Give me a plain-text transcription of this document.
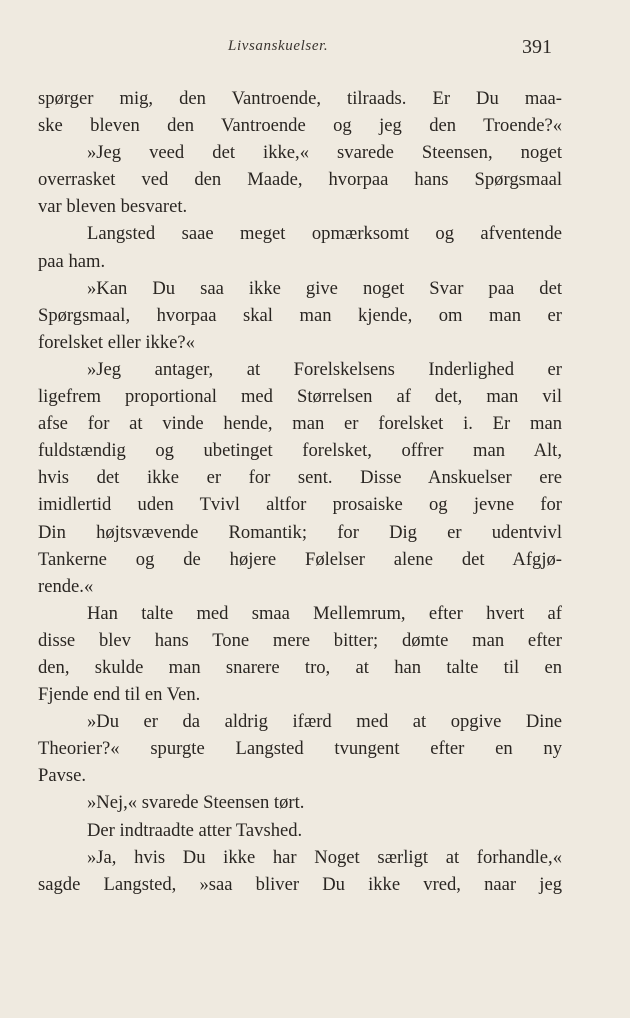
Livsanskuelser.	391
spørger mig, den Vantroende, tilraads. Er Du maa-
ske bleven den Vantroende og jeg den Troende?«
»Jeg veed det ikke,« svarede Steensen, noget
overrasket ved den Maade, hvorpaa hans Spørgsmaal
var bleven besvaret.
Langsted saae meget opmærksomt og afventende
paa ham.
»Kan Du saa ikke give noget Svar paa det
Spørgsmaal, hvorpaa skal man kjende, om man er
forelsket eller ikke?«
»Jeg antager, at Forelskelsens Inderlighed er
ligefrem proportional med Størrelsen af det, man vil
afse for at vinde hende, man er forelsket i. Er man
fuldstændig og ubetinget forelsket, offrer man Alt,
hvis det ikke er for sent. Disse Anskuelser ere
imidlertid uden Tvivl altfor prosaiske og jevne for
Din højtsvævende Romantik; for Dig er udentvivl
Tankerne og de højere Følelser alene det Afgjø-
rende.«
Han talte med smaa Mellemrum, efter hvert af
disse blev hans Tone mere bitter; dømte man efter
den, skulde man snarere tro, at han talte til en
Fjende end til en Ven.
»Du er da aldrig ifærd med at opgive Dine
Theorier?« spurgte Langsted tvungent efter en ny
Pavse.
»Nej,« svarede Steensen tørt.
Der indtraadte atter Tavshed.
»Ja, hvis Du ikke har Noget særligt at forhandle,«
sagde Langsted, »saa bliver Du ikke vred, naar jeg
